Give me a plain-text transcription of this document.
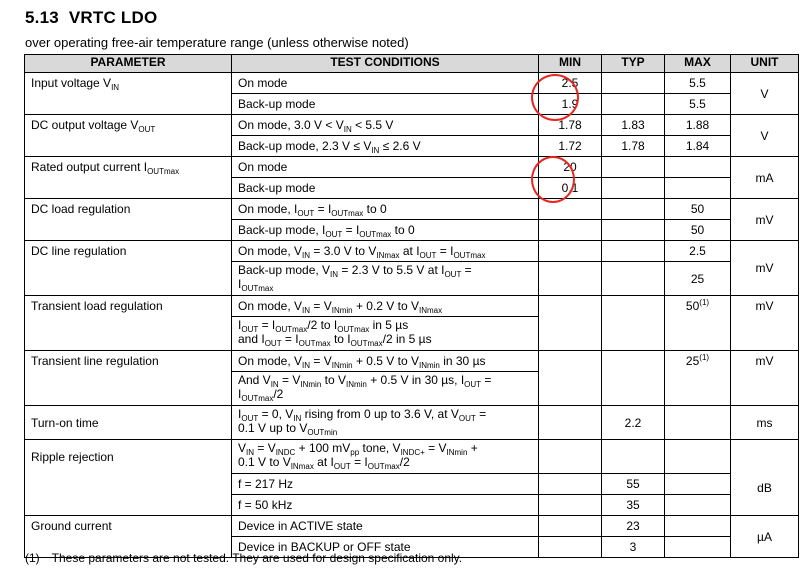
5.13 VRTC LDO
over operating free-air temperature range (unless otherwise noted)
PARAMETER	TEST CONDITIONS	MIN	TYP	MAX	UNIT
Input voltage $V_{IN}$	On mode	2.5		5.5	V
	Back-up mode	1.9		5.5	
DC output voltage $V_{OUT}$	On mode, 3.0 $V < V_{IN} < 5.5$ V	1.78	1.83	1.88	V
	Back-up mode, 2.3 $V \le V_{IN} \le 2.6$ V	1.72	1.78	1.84	
Rated output current $I_{OUTmax}$	On mode	20			mA
	Back-up mode	0.1			
DC load regulation	On mode, $I_{OUT} = I_{OUTmax}$ to 0			50	mV
	Back-up mode, $I_{OUT} = I_{OUTmax}$ to 0			50	
DC line regulation	On mode, $V_{IN} = 3.0$ V to $V_{INmax}$ at $I_{OUT} = I_{OUTmax}$			2.5	mV
	Back-up mode, $V_{IN} = 2.3$ V to 5.5 V at $I_{OUT}$ =
$I_{OUTmax}$			25	
Transient load regulation	On mode, $V_{IN} = V_{INmin} + 0.2$ V to $V_{INmax}$			50$^{(1)}$	mV
	$I_{OUT} = I_{OUTmax}/2$ to $I_{OUTmax}$ in 5 µs
and $I_{OUT} = I_{OUTmax}$ to $I_{OUTmax}/2$ in 5 µs				
Transient line regulation	On mode, $V_{IN} = V_{INmin} + 0.5$ V to $V_{INmin}$ in 30 µs			25$^{(1)}$	mV
	And $V_{IN} = V_{INmin}$ to $V_{INmin} + 0.5$ V in 30 µs, $I_{OUT}$ =
$I_{OUTmax}/2$				
Turn-on time	$I_{OUT} = 0$, $V_{IN}$ rising from 0 up to 3.6 V, at $V_{OUT}$ =
0.1 V up to $V_{OUTmin}$		2.2		ms
Ripple rejection	$V_{IN} = V_{INDC} + 100$ $mV_{pp}$ tone, $V_{INDC+} = V_{INmin}$ +
0.1 V to $V_{INmax}$ at $I_{OUT} = I_{OUTmax}/2$				dB
	f = 217 Hz		55		
	f = 50 kHz		35		
Ground current	Device in ACTIVE state		23		µA
	Device in BACKUP or OFF state		3		
(1) These parameters are not tested. They are used for design specification only.
